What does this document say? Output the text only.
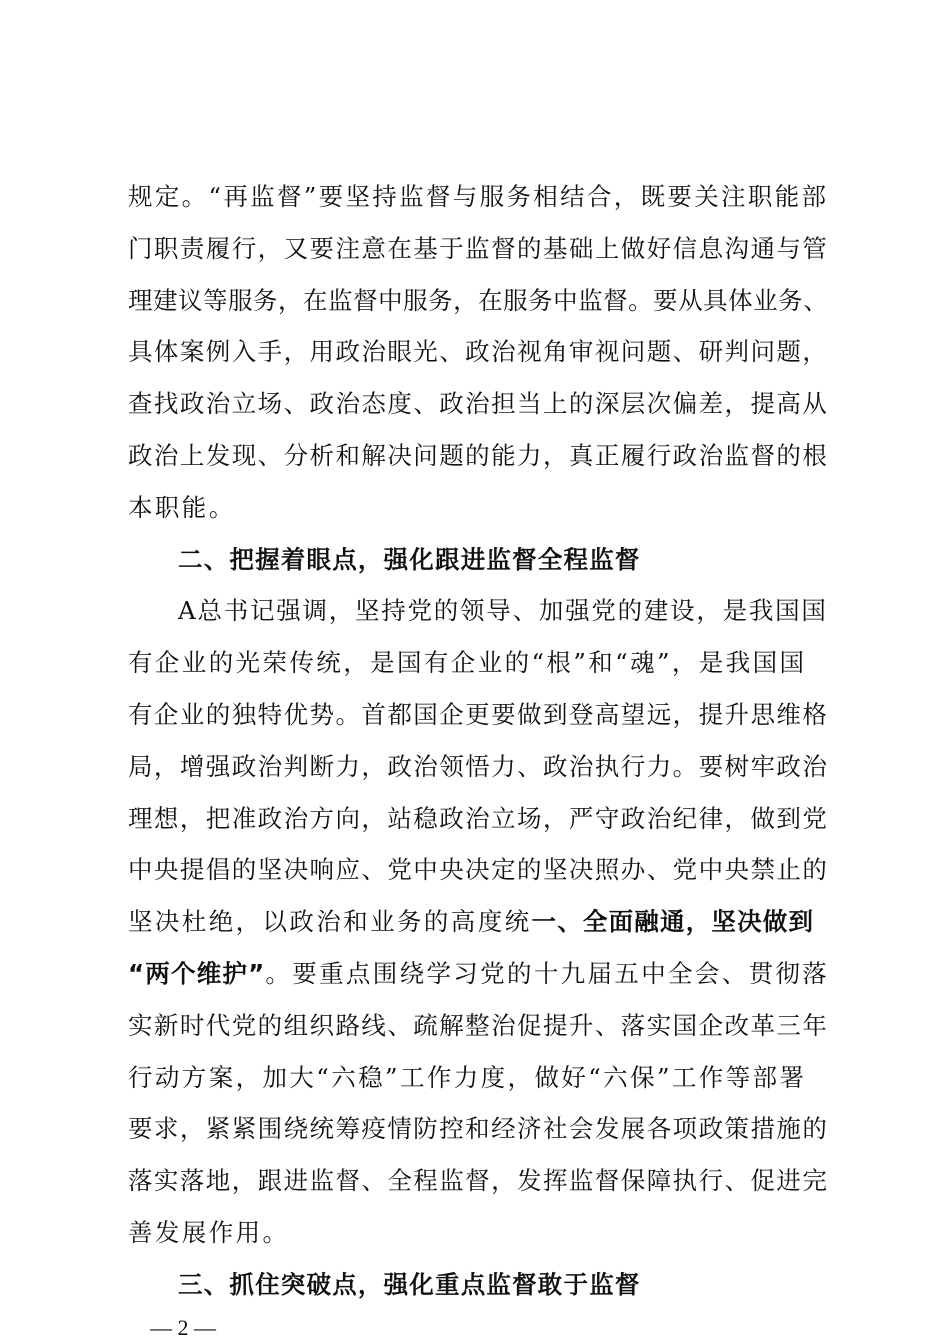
规定。“再监督”要坚持监督与服务相结合，既要关注职能部
门职责履行，又要注意在基于监督的基础上做好信息沟通与管
理建议等服务，在监督中服务，在服务中监督。要从具体业务、
具体案例入手，用政治眼光、政治视角审视问题、研判问题，
查找政治立场、政治态度、政治担当上的深层次偏差，提高从
政治上发现、分析和解决问题的能力，真正履行政治监督的根
本职能。
二、把握着眼点，强化跟进监督全程监督
A总书记强调，坚持党的领导、加强党的建设，是我国国
有企业的光荣传统，是国有企业的“根”和“魂”，是我国国
有企业的独特优势。首都国企更要做到登高望远，提升思维格
局，增强政治判断力，政治领悟力、政治执行力。要树牢政治
理想，把准政治方向，站稳政治立场，严守政治纪律，做到党
中央提倡的坚决响应、党中央决定的坚决照办、党中央禁止的
坚决杜绝，以政治和业务的高度统一、全面融通，坚决做到
“两个维护”。要重点围绕学习党的十九届五中全会、贯彻落
实新时代党的组织路线、疏解整治促提升、落实国企改革三年
行动方案，加大“六稳”工作力度，做好“六保”工作等部署
要求，紧紧围绕统筹疫情防控和经济社会发展各项政策措施的
落实落地，跟进监督、全程监督，发挥监督保障执行、促进完
善发展作用。
三、抓住突破点，强化重点监督敢于监督
— 2 —
